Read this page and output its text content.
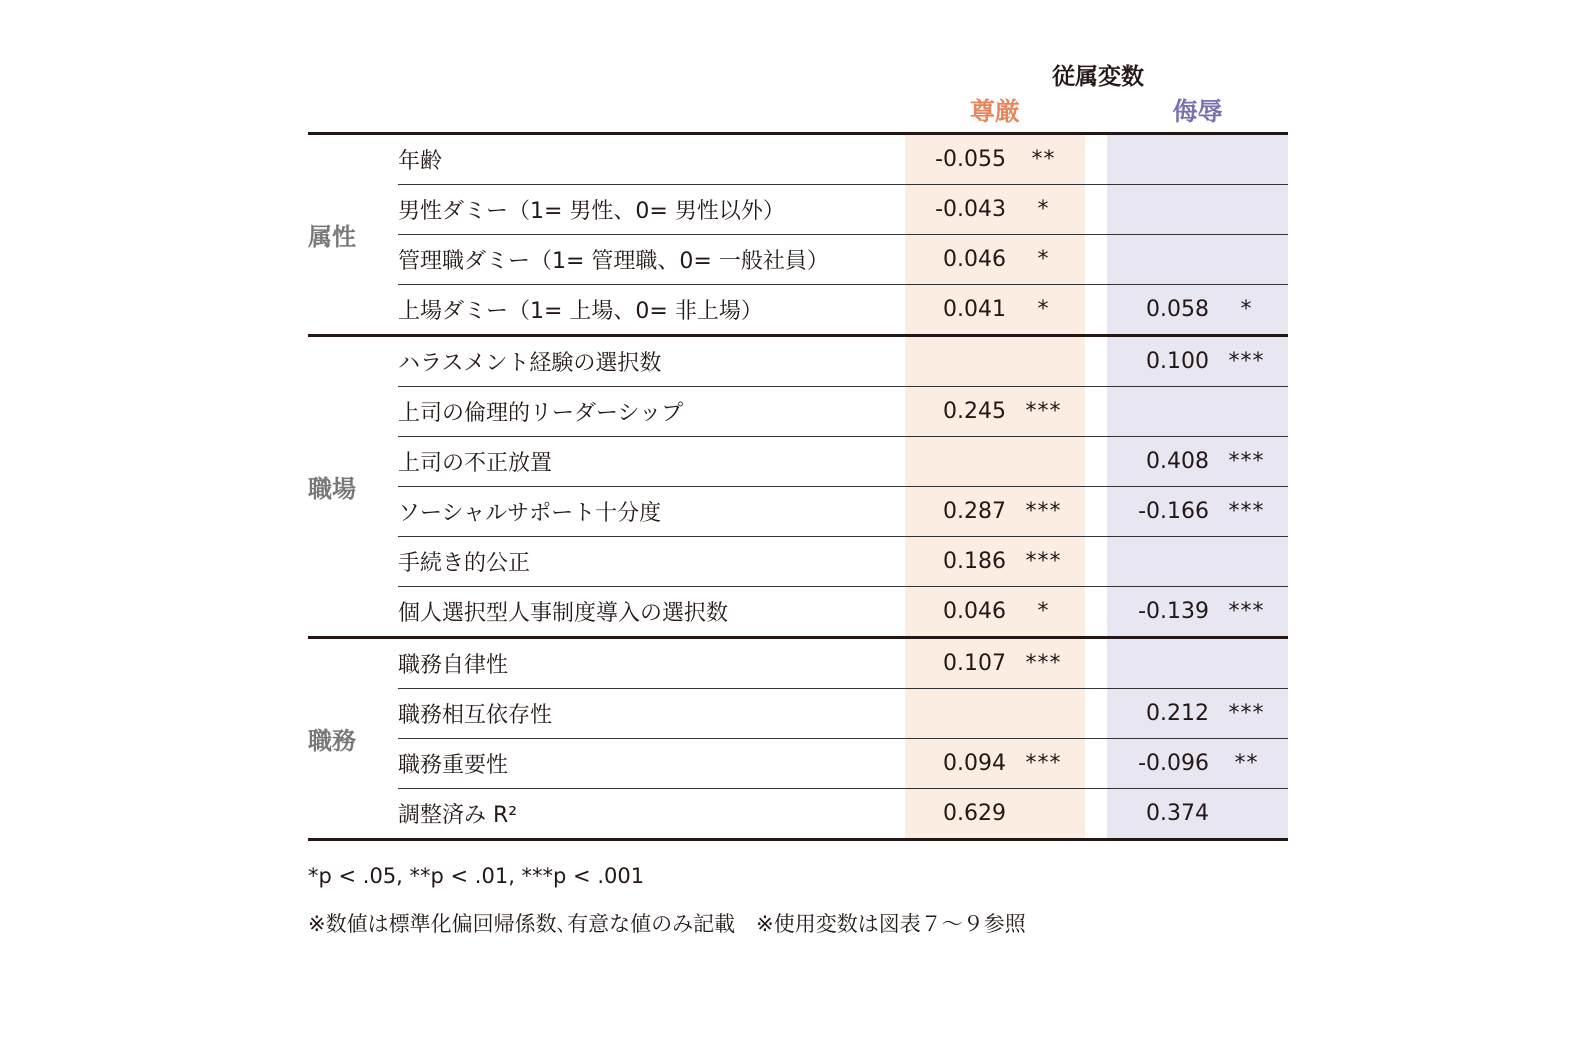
従属変数
尊厳	侮辱
属性	年齢	-0.055	**			
	男性ダミー（1= 男性、0= 男性以外）	-0.043	*			
	管理職ダミー（1= 管理職、0= 一般社員）	0.046	*			
	上場ダミー（1= 上場、0= 非上場）	0.041	*		0.058	*
職場	ハラスメント経験の選択数				0.100	***
	上司の倫理的リーダーシップ	0.245	***			
	上司の不正放置				0.408	***
	ソーシャルサポート十分度	0.287	***		-0.166	***
	手続き的公正	0.186	***			
	個人選択型人事制度導入の選択数	0.046	*		-0.139	***
職務	職務自律性	0.107	***			
	職務相互依存性				0.212	***
	職務重要性	0.094	***		-0.096	**
	調整済み R²	0.629			0.374	
*p < .05, **p < .01, ***p < .001
※数値は標準化偏回帰係数､有意な値のみ記載　※使用変数は図表７～９参照
